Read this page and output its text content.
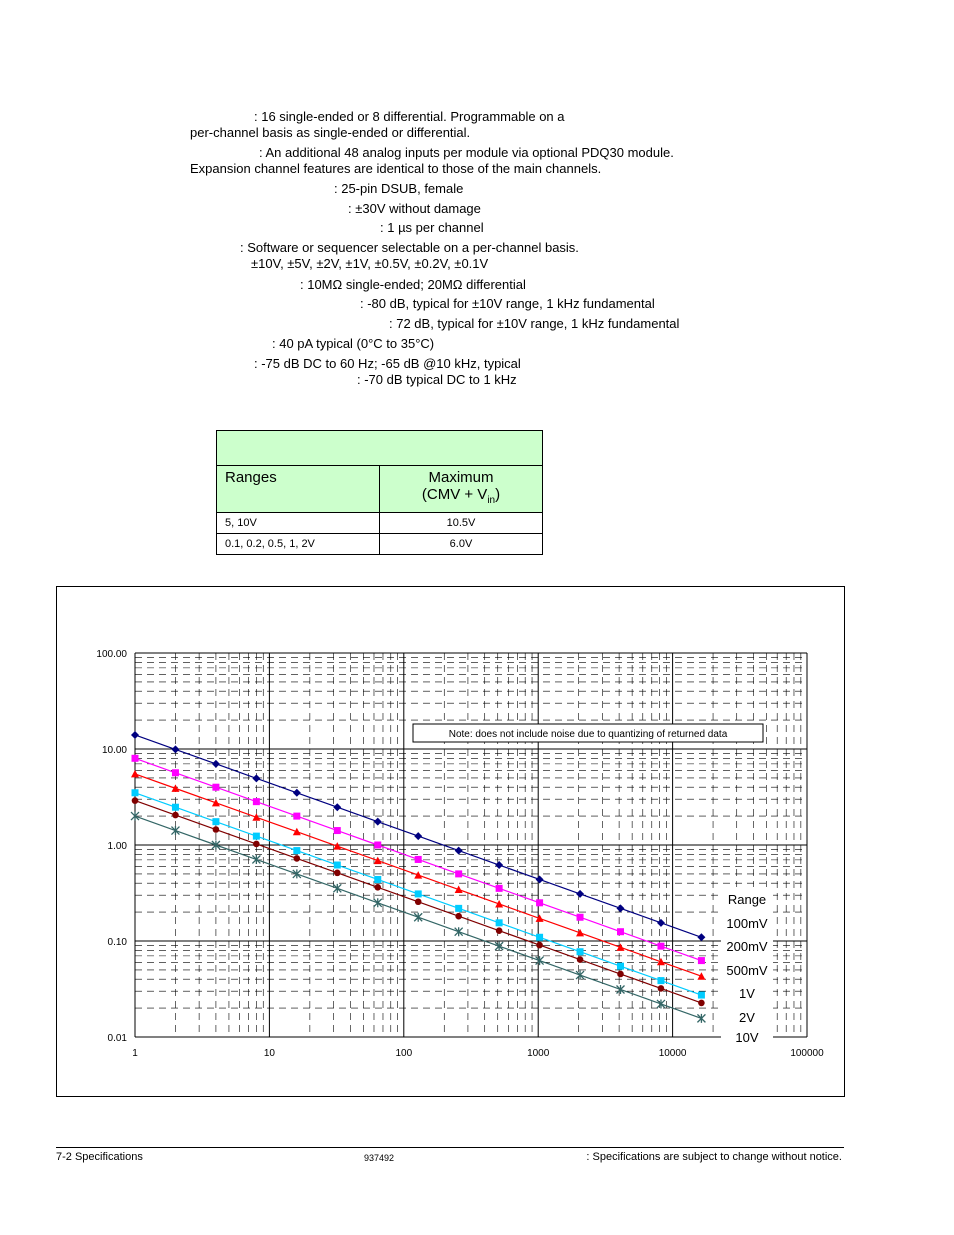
: 16 single-ended or 8 differential. Programmable on a
per-channel basis as single-ended or differential.
: An additional 48 analog inputs per module via optional PDQ30 module.
Expansion channel features are identical to those of the main channels.
: 25-pin DSUB, female
: ±30V without damage
: 1 µs per channel
: Software or sequencer selectable on a per-channel basis.
±10V, ±5V, ±2V, ±1V, ±0.5V, ±0.2V, ±0.1V
: 10MΩ single-ended; 20MΩ differential
: -80 dB, typical for ±10V range, 1 kHz fundamental
: 72 dB, typical for ±10V range, 1 kHz fundamental
: 40 pA typical (0°C to 35°C)
: -75 dB DC to 60 Hz; -65 dB @10 kHz, typical
: -70 dB typical DC to 1 kHz

Ranges	Maximum
$(CMV + V_{in})$
5, 10V	10.5V
0.1, 0.2, 0.5, 1, 2V	6.0V
1	10	100	1000	10000	100000
100.00
10.00
1.00
0.10
0.01
Note: does not include noise due to quantizing of returned data
Range
100mV
200mV
500mV
1V
2V
10V
7-2 Specifications	937492	: Specifications are subject to change without notice.
